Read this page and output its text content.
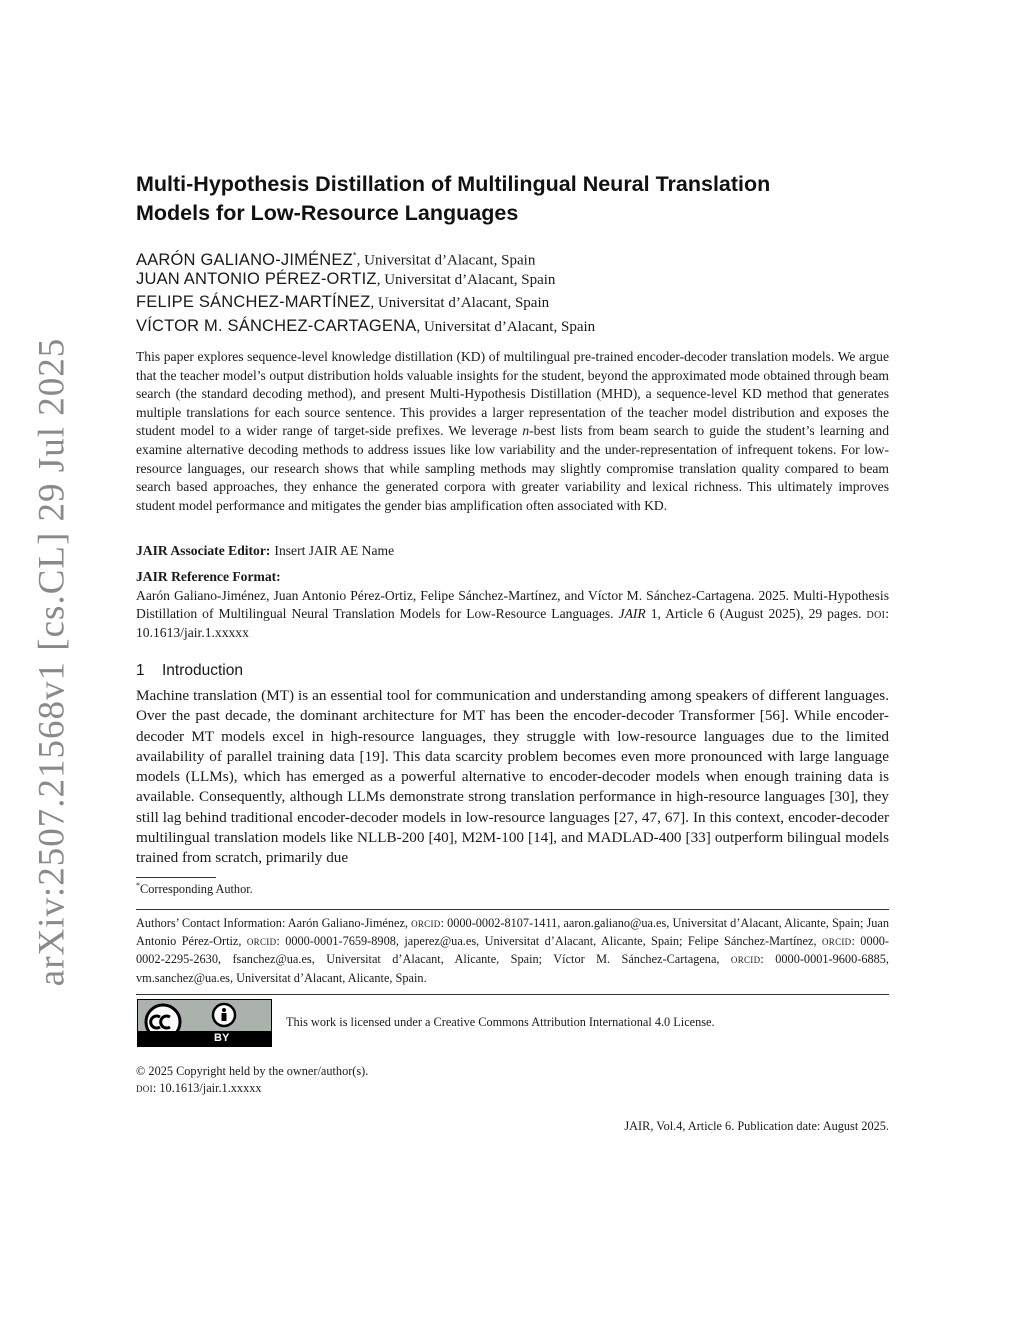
arXiv:2507.21568v1 [cs.CL] 29 Jul 2025
Multi-Hypothesis Distillation of Multilingual Neural Translation
Models for Low-Resource Languages
AARÓN GALIANO-JIMÉNEZ*, Universitat d’Alacant, Spain
JUAN ANTONIO PÉREZ-ORTIZ, Universitat d’Alacant, Spain
FELIPE SÁNCHEZ-MARTÍNEZ, Universitat d’Alacant, Spain
VÍCTOR M. SÁNCHEZ-CARTAGENA, Universitat d’Alacant, Spain

This paper explores sequence-level knowledge distillation (KD) of multilingual pre-trained encoder-decoder translation models. We argue that the teacher model’s output distribution holds valuable insights for the student, beyond the approximated mode obtained through beam search (the standard decoding method), and present Multi-Hypothesis Distillation (MHD), a sequence-level KD method that generates multiple translations for each source sentence. This provides a larger representation of the teacher model distribution and exposes the student model to a wider range of target-side prefixes. We leverage n-best lists from beam search to guide the student’s learning and examine alternative decoding methods to address issues like low variability and the under-representation of infrequent tokens. For low-resource languages, our research shows that while sampling methods may slightly compromise translation quality compared to beam search based approaches, they enhance the generated corpora with greater variability and lexical richness. This ultimately improves student model performance and mitigates the gender bias amplification often associated with KD.

JAIR Associate Editor: Insert JAIR AE Name
JAIR Reference Format:
Aarón Galiano-Jiménez, Juan Antonio Pérez-Ortiz, Felipe Sánchez-Martínez, and Víctor M. Sánchez-Cartagena. 2025. Multi-Hypothesis Distillation of Multilingual Neural Translation Models for Low-Resource Languages. JAIR 1, Article 6 (August 2025), 29 pages. doi: 10.1613/jair.1.xxxxx
1 Introduction

Machine translation (MT) is an essential tool for communication and understanding among speakers of different languages. Over the past decade, the dominant architecture for MT has been the encoder-decoder Transformer [56]. While encoder-decoder MT models excel in high-resource languages, they struggle with low-resource languages due to the limited availability of parallel training data [19]. This data scarcity problem becomes even more pronounced with large language models (LLMs), which has emerged as a powerful alternative to encoder-decoder models when enough training data is available. Consequently, although LLMs demonstrate strong translation performance in high-resource languages [30], they still lag behind traditional encoder-decoder models in low-resource languages [27, 47, 67]. In this context, encoder-decoder multilingual translation models like NLLB-200 [40], M2M-100 [14], and MADLAD-400 [33] outperform bilingual models trained from scratch, primarily due

*Corresponding Author.
Authors’ Contact Information: Aarón Galiano-Jiménez, orcid: 0000-0002-8107-1411, aaron.galiano@ua.es, Universitat d’Alacant, Alicante, Spain; Juan Antonio Pérez-Ortiz, orcid: 0000-0001-7659-8908, japerez@ua.es, Universitat d’Alacant, Alicante, Spain; Felipe Sánchez-Martínez, orcid: 0000-0002-2295-2630, fsanchez@ua.es, Universitat d’Alacant, Alicante, Spain; Víctor M. Sánchez-Cartagena, orcid: 0000-0001-9600-6885, vm.sanchez@ua.es, Universitat d’Alacant, Alicante, Spain.
BY
This work is licensed under a Creative Commons Attribution International 4.0 License.
© 2025 Copyright held by the owner/author(s).
doi: 10.1613/jair.1.xxxxx
JAIR, Vol.4, Article 6. Publication date: August 2025.
